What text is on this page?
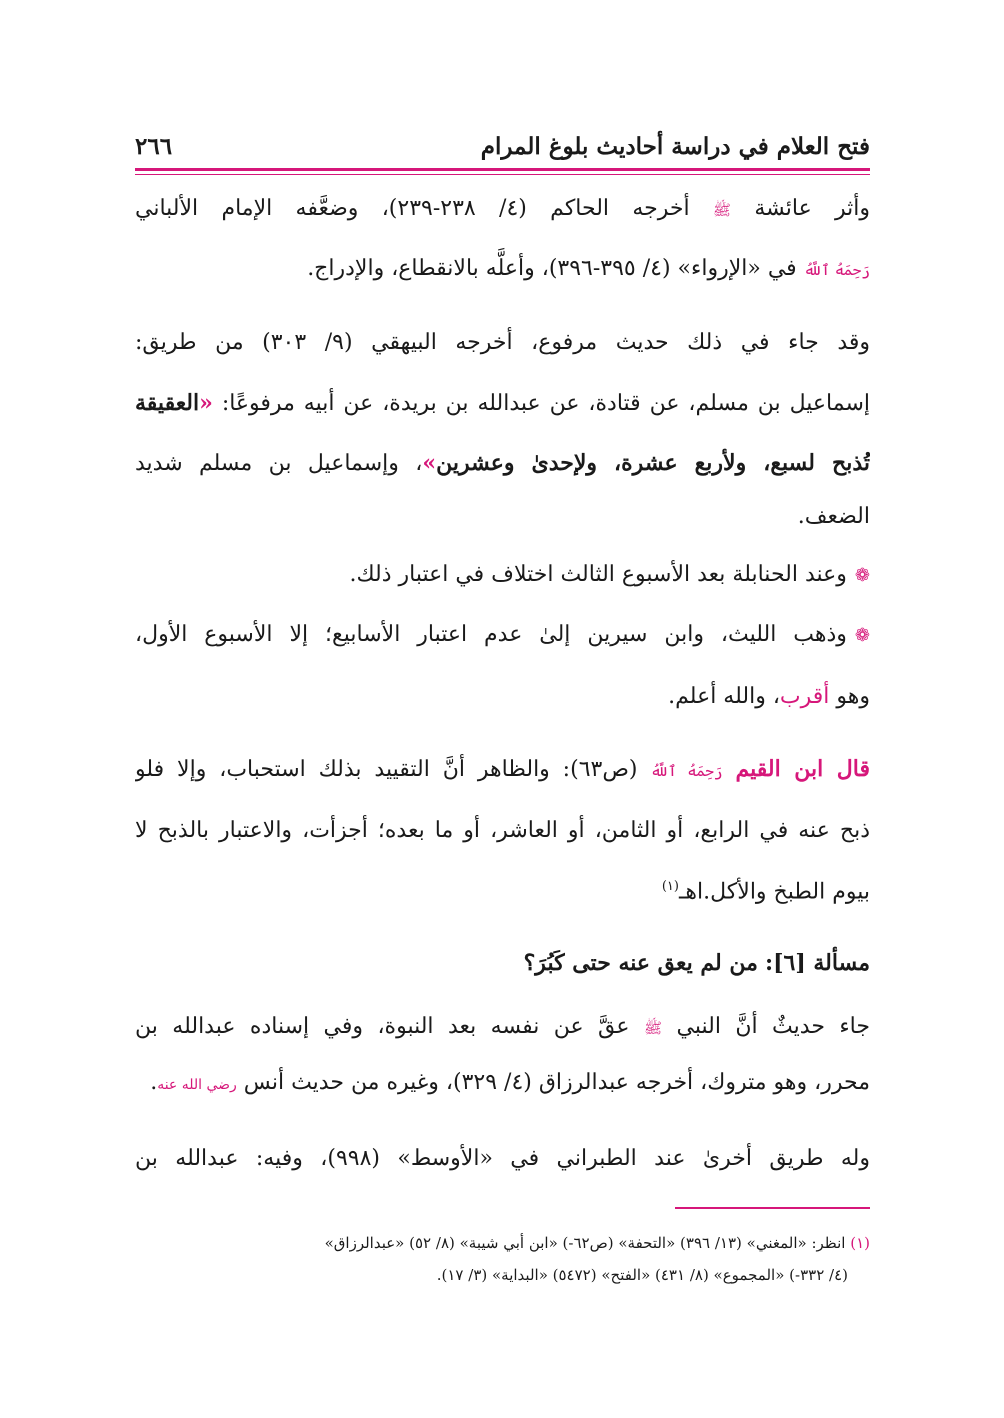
فتح العلام في دراسة أحاديث بلوغ المرام
٢٦٦
وأثر عائشة ﷺ أخرجه الحاكم (٤/ ٢٣٨-٢٣٩)، وضعَّفه الإمام الألباني
رَحِمَهُ ٱللَّهُ في «الإرواء» (٤/ ٣٩٥-٣٩٦)، وأعلَّه بالانقطاع، والإدراج.
وقد جاء في ذلك حديث مرفوع، أخرجه البيهقي (٩/ ٣٠٣) من طريق:
إسماعيل بن مسلم، عن قتادة، عن عبدالله بن بريدة، عن أبيه مرفوعًا: «العقيقة
تُذبح لسبع، ولأربع عشرة، ولإحدىٰ وعشرين»، وإسماعيل بن مسلم شديد
الضعف.
❁وعند الحنابلة بعد الأسبوع الثالث اختلاف في اعتبار ذلك.
❁وذهب الليث، وابن سيرين إلىٰ عدم اعتبار الأسابيع؛ إلا الأسبوع الأول،
وهو أقرب، والله أعلم.
قال ابن القيم رَحِمَهُ ٱللَّهُ (ص٦٣): والظاهر أنَّ التقييد بذلك استحباب، وإلا فلو
ذبح عنه في الرابع، أو الثامن، أو العاشر، أو ما بعده؛ أجزأت، والاعتبار بالذبح لا
بيوم الطبخ والأكل.اهـ$^{(١)}$
مسألة [٦]: من لم يعق عنه حتى كَبُرَ؟
جاء حديثٌ أنَّ النبي ﷺ عقَّ عن نفسه بعد النبوة، وفي إسناده عبدالله بن
محرر، وهو متروك، أخرجه عبدالرزاق (٤/ ٣٢٩)، وغيره من حديث أنس رضي الله عنه.
وله طريق أخرىٰ عند الطبراني في «الأوسط» (٩٩٨)، وفيه: عبدالله بن
(١) انظر: «المغني» (١٣/ ٣٩٦) «التحفة» (ص٦٢-) «ابن أبي شيبة» (٨/ ٥٢) «عبدالرزاق»
(٤/ ٣٣٢-) «المجموع» (٨/ ٤٣١) «الفتح» (٥٤٧٢) «البداية» (٣/ ١٧).
